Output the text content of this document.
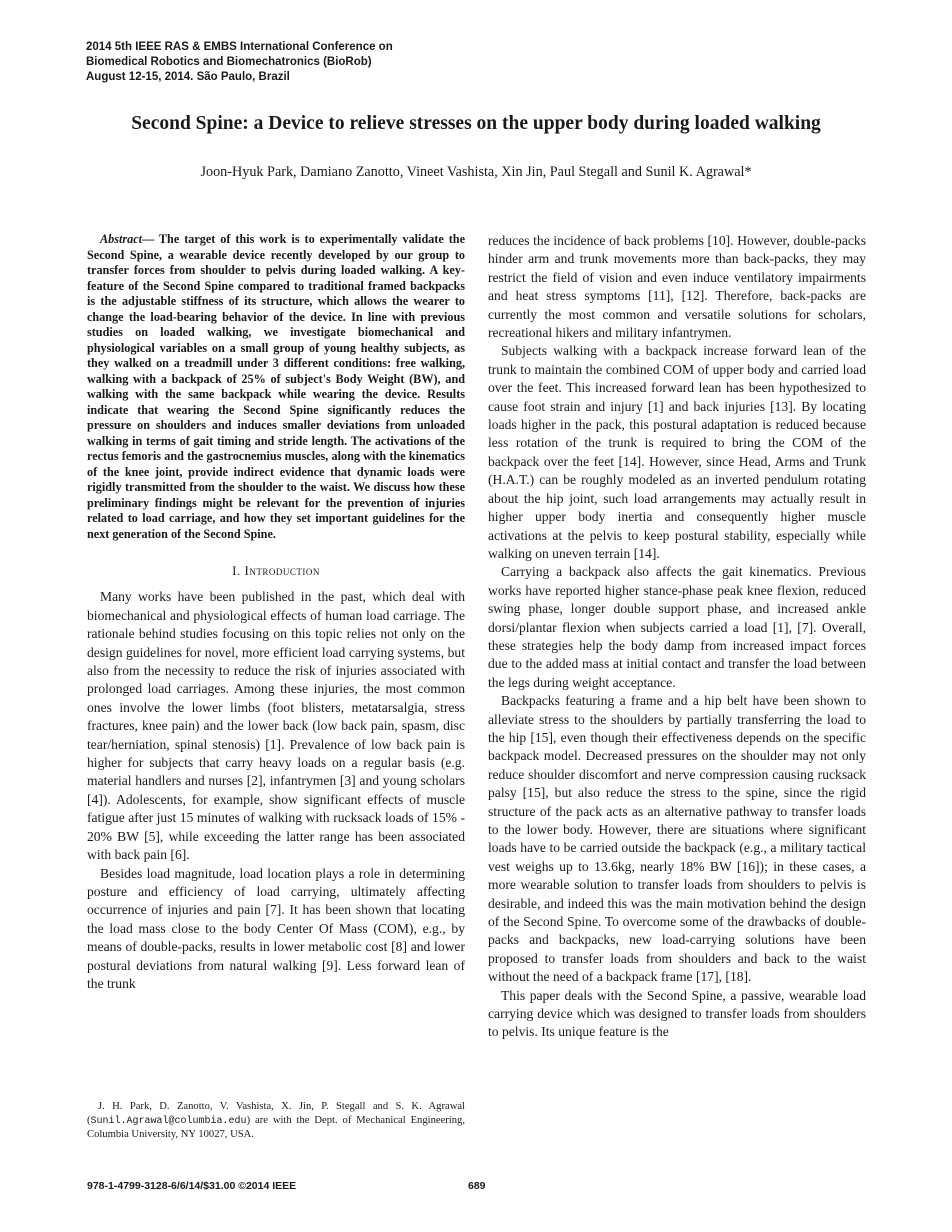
2014 5th IEEE RAS & EMBS International Conference on
Biomedical Robotics and Biomechatronics (BioRob)
August 12-15, 2014. São Paulo, Brazil
Second Spine: a Device to relieve stresses on the upper body during loaded walking
Joon-Hyuk Park, Damiano Zanotto, Vineet Vashista, Xin Jin, Paul Stegall and Sunil K. Agrawal*

Abstract— The target of this work is to experimentally validate the Second Spine, a wearable device recently developed by our group to transfer forces from shoulder to pelvis during loaded walking. A key-feature of the Second Spine compared to traditional framed backpacks is the adjustable stiffness of its structure, which allows the wearer to change the load-bearing behavior of the device. In line with previous studies on loaded walking, we investigate biomechanical and physiological variables on a small group of young healthy subjects, as they walked on a treadmill under 3 different conditions: free walking, walking with a backpack of 25% of subject's Body Weight (BW), and walking with the same backpack while wearing the device. Results indicate that wearing the Second Spine significantly reduces the pressure on shoulders and induces smaller deviations from unloaded walking in terms of gait timing and stride length. The activations of the rectus femoris and the gastrocnemius muscles, along with the kinematics of the knee joint, provide indirect evidence that dynamic loads were rigidly transmitted from the shoulder to the waist. We discuss how these preliminary findings might be relevant for the prevention of injuries related to load carriage, and how they set important guidelines for the next generation of the Second Spine.

I. Introduction

Many works have been published in the past, which deal with biomechanical and physiological effects of human load carriage. The rationale behind studies focusing on this topic relies not only on the design guidelines for novel, more efficient load carrying systems, but also from the necessity to reduce the risk of injuries associated with prolonged load carriages. Among these injuries, the most common ones involve the lower limbs (foot blisters, metatarsalgia, stress fractures, knee pain) and the lower back (low back pain, spasm, disc tear/herniation, spinal stenosis) [1]. Prevalence of low back pain is higher for subjects that carry heavy loads on a regular basis (e.g. material handlers and nurses [2], infantrymen [3] and young scholars [4]). Adolescents, for example, show significant effects of muscle fatigue after just 15 minutes of walking with rucksack loads of 15% - 20% BW [5], while exceeding the latter range has been associated with back pain [6].

Besides load magnitude, load location plays a role in determining posture and efficiency of load carrying, ultimately affecting occurrence of injuries and pain [7]. It has been shown that locating the load mass close to the body Center Of Mass (COM), e.g., by means of double-packs, results in lower metabolic cost [8] and lower postural deviations from natural walking [9]. Less forward lean of the trunk

J. H. Park, D. Zanotto, V. Vashista, X. Jin, P. Stegall and S. K. Agrawal (Sunil.Agrawal@columbia.edu) are with the Dept. of Mechanical Engineering, Columbia University, NY 10027, USA.

reduces the incidence of back problems [10]. However, double-packs hinder arm and trunk movements more than back-packs, they may restrict the field of vision and even induce ventilatory impairments and heat stress symptoms [11], [12]. Therefore, back-packs are currently the most common and versatile solutions for scholars, recreational hikers and military infantrymen.

Subjects walking with a backpack increase forward lean of the trunk to maintain the combined COM of upper body and carried load over the feet. This increased forward lean has been hypothesized to cause foot strain and injury [1] and back injuries [13]. By locating loads higher in the pack, this postural adaptation is reduced because less rotation of the trunk is required to bring the COM of the backpack over the feet [14]. However, since Head, Arms and Trunk (H.A.T.) can be roughly modeled as an inverted pendulum rotating about the hip joint, such load arrangements may actually result in higher upper body inertia and consequently higher muscle activations at the pelvis to keep postural stability, especially while walking on uneven terrain [14].

Carrying a backpack also affects the gait kinematics. Previous works have reported higher stance-phase peak knee flexion, reduced swing phase, longer double support phase, and increased ankle dorsi/plantar flexion when subjects carried a load [1], [7]. Overall, these strategies help the body damp from increased impact forces due to the added mass at initial contact and transfer the load between the legs during weight acceptance.

Backpacks featuring a frame and a hip belt have been shown to alleviate stress to the shoulders by partially transferring the load to the hip [15], even though their effectiveness depends on the specific backpack model. Decreased pressures on the shoulder may not only reduce shoulder discomfort and nerve compression causing rucksack palsy [15], but also reduce the stress to the spine, since the rigid structure of the pack acts as an alternative pathway to transfer loads to the lower body. However, there are situations where significant loads have to be carried outside the backpack (e.g., a military tactical vest weighs up to 13.6kg, nearly 18% BW [16]); in these cases, a more wearable solution to transfer loads from shoulders to pelvis is desirable, and indeed this was the main motivation behind the design of the Second Spine. To overcome some of the drawbacks of double-packs and backpacks, new load-carrying solutions have been proposed to transfer loads from shoulders and back to the waist without the need of a backpack frame [17], [18].

This paper deals with the Second Spine, a passive, wearable load carrying device which was designed to transfer loads from shoulders to pelvis. Its unique feature is the

978-1-4799-3128-6/6/14/$31.00 ©2014 IEEE	689
